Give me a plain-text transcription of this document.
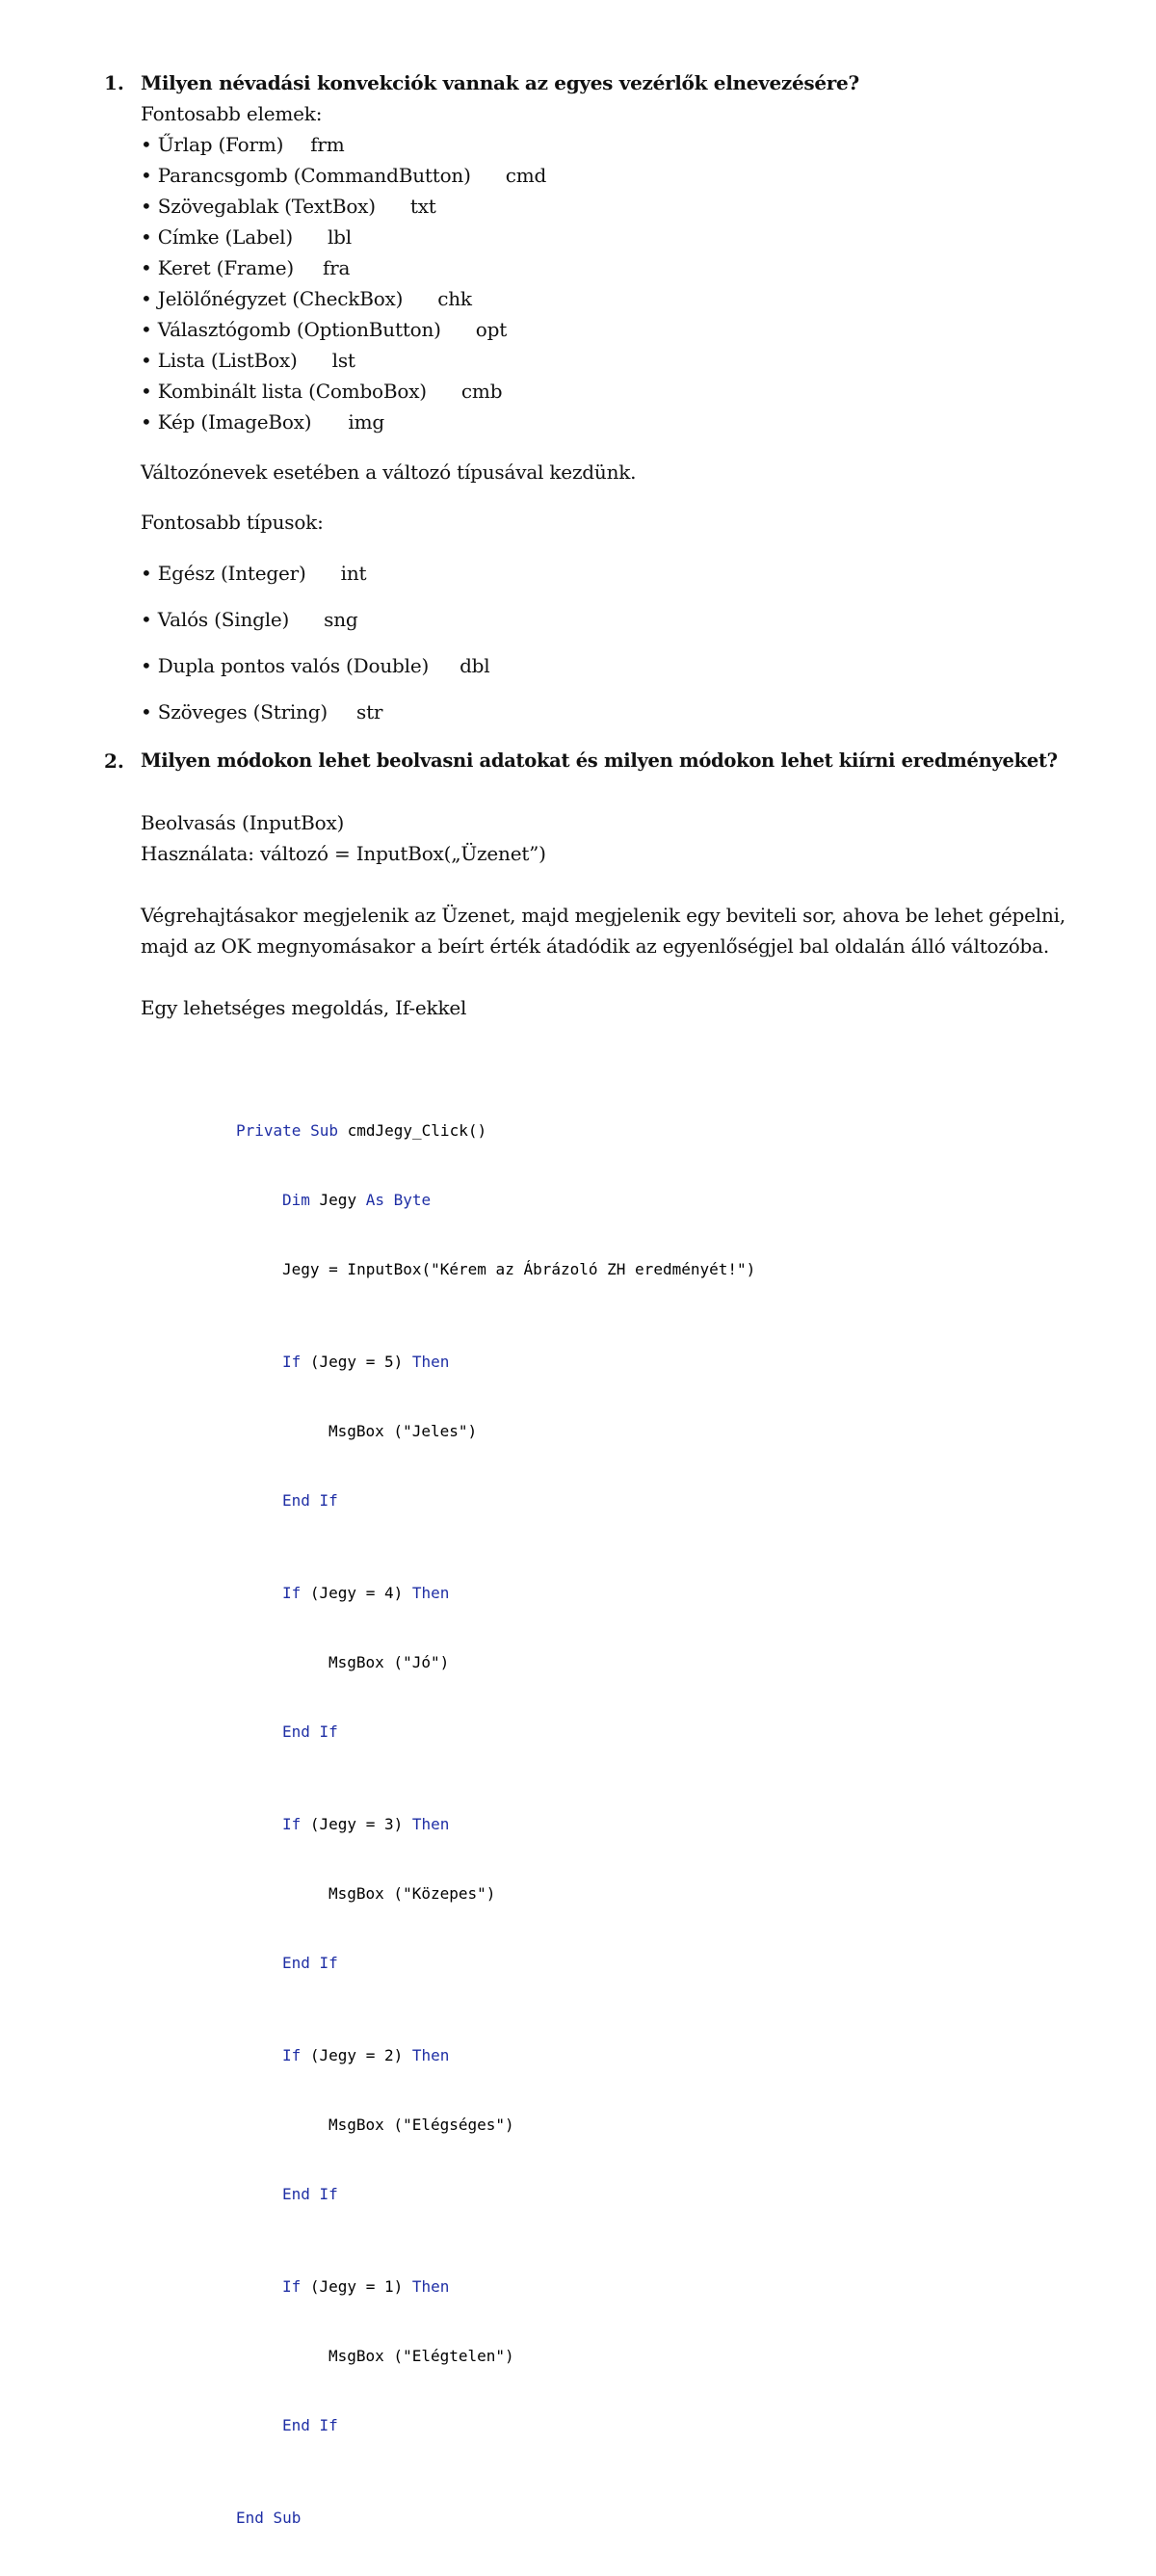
1. Milyen névadási konvekciók vannak az egyes vezérlők elnevezésére?
Fontosabb elemek:
• Űrlap (Form) frm
• Parancsgomb (CommandButton) cmd
• Szövegablak (TextBox) txt
• Címke (Label) lbl
• Keret (Frame) fra
• Jelölőnégyzet (CheckBox) chk
• Választógomb (OptionButton) opt
• Lista (ListBox) lst
• Kombinált lista (ComboBox) cmb
• Kép (ImageBox) img
Változónevek esetében a változó típusával kezdünk.
Fontosabb típusok:
• Egész (Integer) int
• Valós (Single) sng
• Dupla pontos valós (Double) dbl
• Szöveges (String) str
2. Milyen módokon lehet beolvasni adatokat és milyen módokon lehet kiírni eredményeket?
Beolvasás (InputBox)
Használata: változó = InputBox(„Üzenet”)
Végrehajtásakor megjelenik az Üzenet, majd megjelenik egy beviteli sor, ahova be lehet gépelni,
majd az OK megnyomásakor a beírt érték átadódik az egyenlőségjel bal oldalán álló változóba.
Egy lehetséges megoldás, If-ekkel

Private Sub cmdJegy_Click()

Dim Jegy As Byte

Jegy = InputBox("Kérem az Ábrázoló ZH eredményét!")

If (Jegy = 5) Then

MsgBox ("Jeles")

End If

If (Jegy = 4) Then

MsgBox ("Jó")

End If

If (Jegy = 3) Then

MsgBox ("Közepes")

End If

If (Jegy = 2) Then

MsgBox ("Elégséges")

End If

If (Jegy = 1) Then

MsgBox ("Elégtelen")

End If

End Sub
